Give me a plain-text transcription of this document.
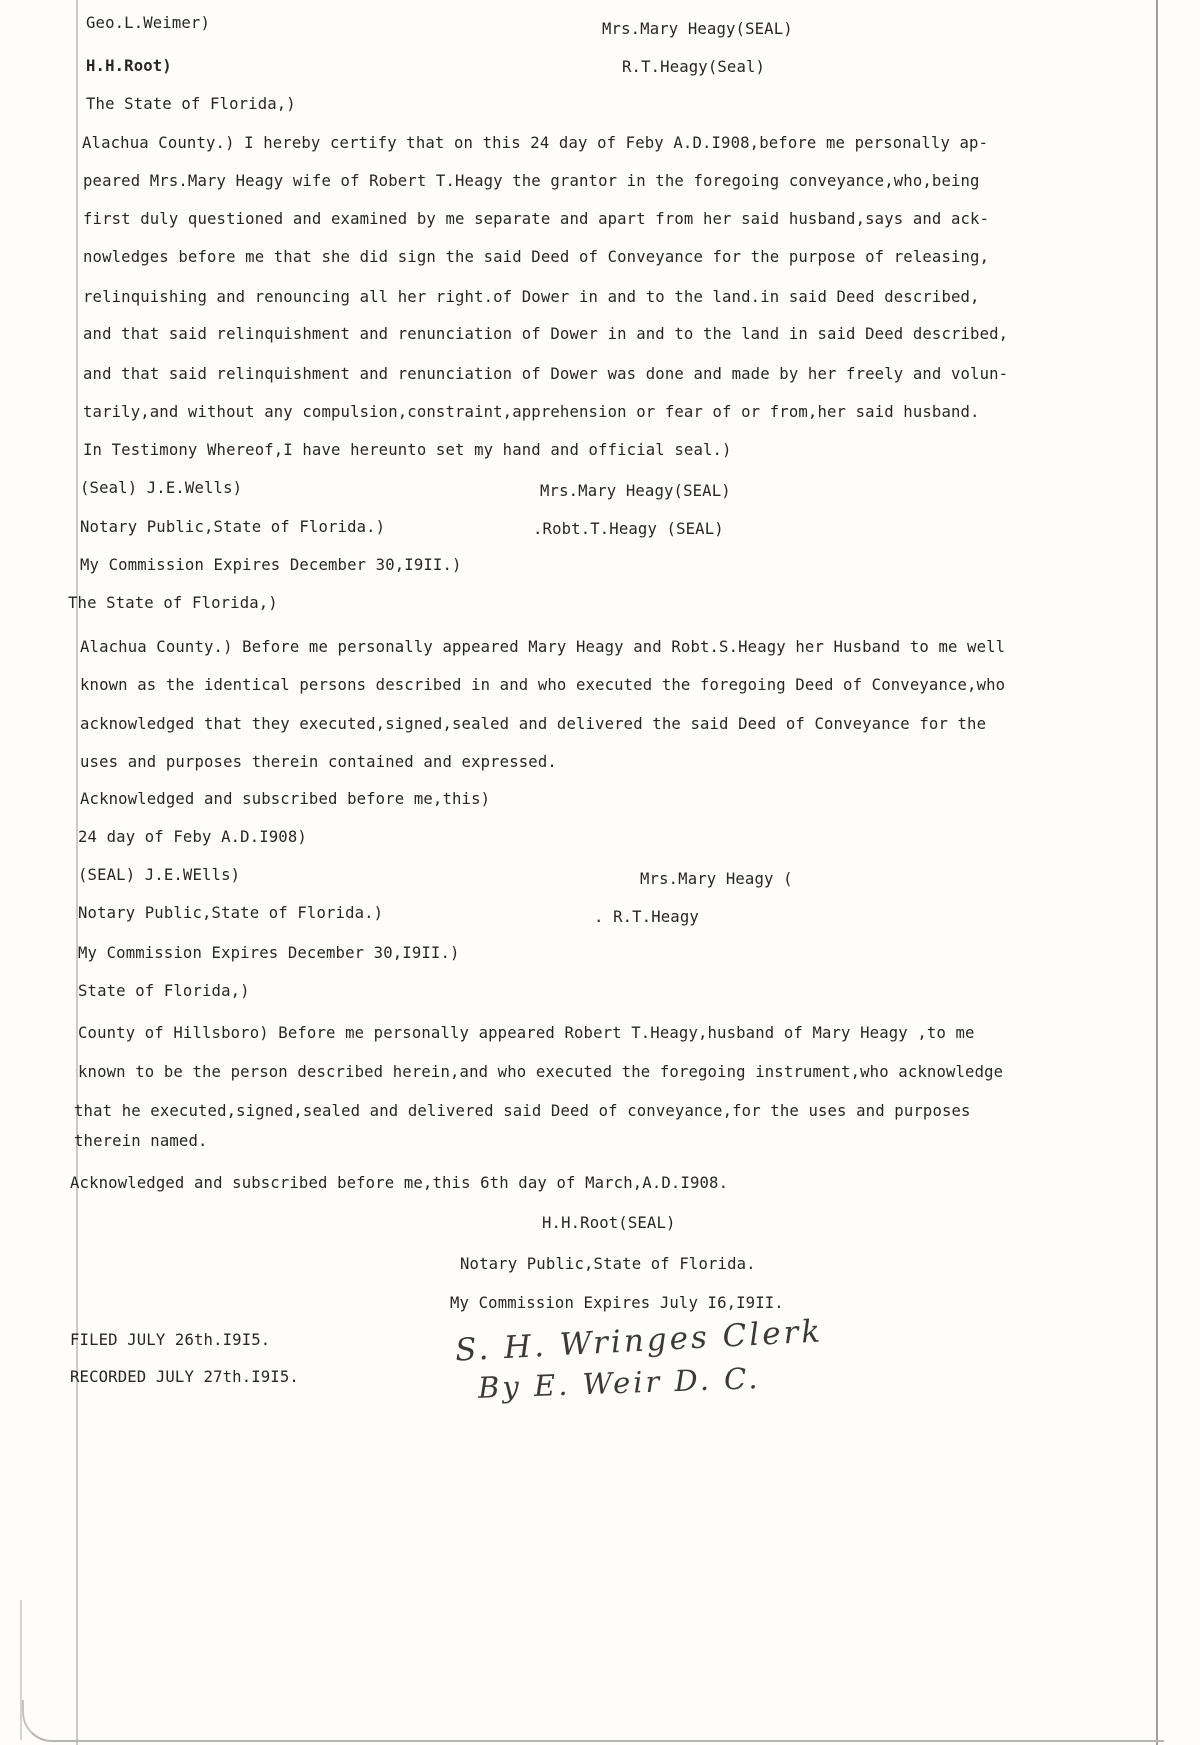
Geo.L.Weimer)	Mrs.Mary Heagy(SEAL)
H.H.Root)	R.T.Heagy(Seal)
The State of Florida,)
Alachua County.) I hereby certify that on this 24 day of Feby A.D.I908,before me personally ap-
peared Mrs.Mary Heagy wife of Robert T.Heagy the grantor in the foregoing conveyance,who,being
first duly questioned and examined by me separate and apart from her said husband,says and ack-
nowledges before me that she did sign the said Deed of Conveyance for the purpose of releasing,
relinquishing and renouncing all her right.of Dower in and to the land.in said Deed described,
and that said relinquishment and renunciation of Dower in and to the land in said Deed described,
and that said relinquishment and renunciation of Dower was done and made by her freely and volun-
tarily,and without any compulsion,constraint,apprehension or fear of or from,her said husband.
In Testimony Whereof,I have hereunto set my hand and official seal.)
(Seal) J.E.Wells)	Mrs.Mary Heagy(SEAL)
Notary Public,State of Florida.)	.Robt.T.Heagy (SEAL)
My Commission Expires December 30,I9II.)
The State of Florida,)
Alachua County.) Before me personally appeared Mary Heagy and Robt.S.Heagy her Husband to me well
known as the identical persons described in and who executed the foregoing Deed of Conveyance,who
acknowledged that they executed,signed,sealed and delivered the said Deed of Conveyance for the
uses and purposes therein contained and expressed.
Acknowledged and subscribed before me,this)
24 day of Feby A.D.I908)
(SEAL) J.E.WElls)	Mrs.Mary Heagy (
Notary Public,State of Florida.)	. R.T.Heagy
My Commission Expires December 30,I9II.)
State of Florida,)
County of Hillsboro) Before me personally appeared Robert T.Heagy,husband of Mary Heagy ,to me
known to be the person described herein,and who executed the foregoing instrument,who acknowledge
that he executed,signed,sealed and delivered said Deed of conveyance,for the uses and purposes
therein named.
Acknowledged and subscribed before me,this 6th day of March,A.D.I908.
H.H.Root(SEAL)
Notary Public,State of Florida.
My Commission Expires July I6,I9II.
FILED JULY 26th.I9I5.
RECORDED JULY 27th.I9I5.
S. H. Wringes Clerk
By E. Weir D. C.
